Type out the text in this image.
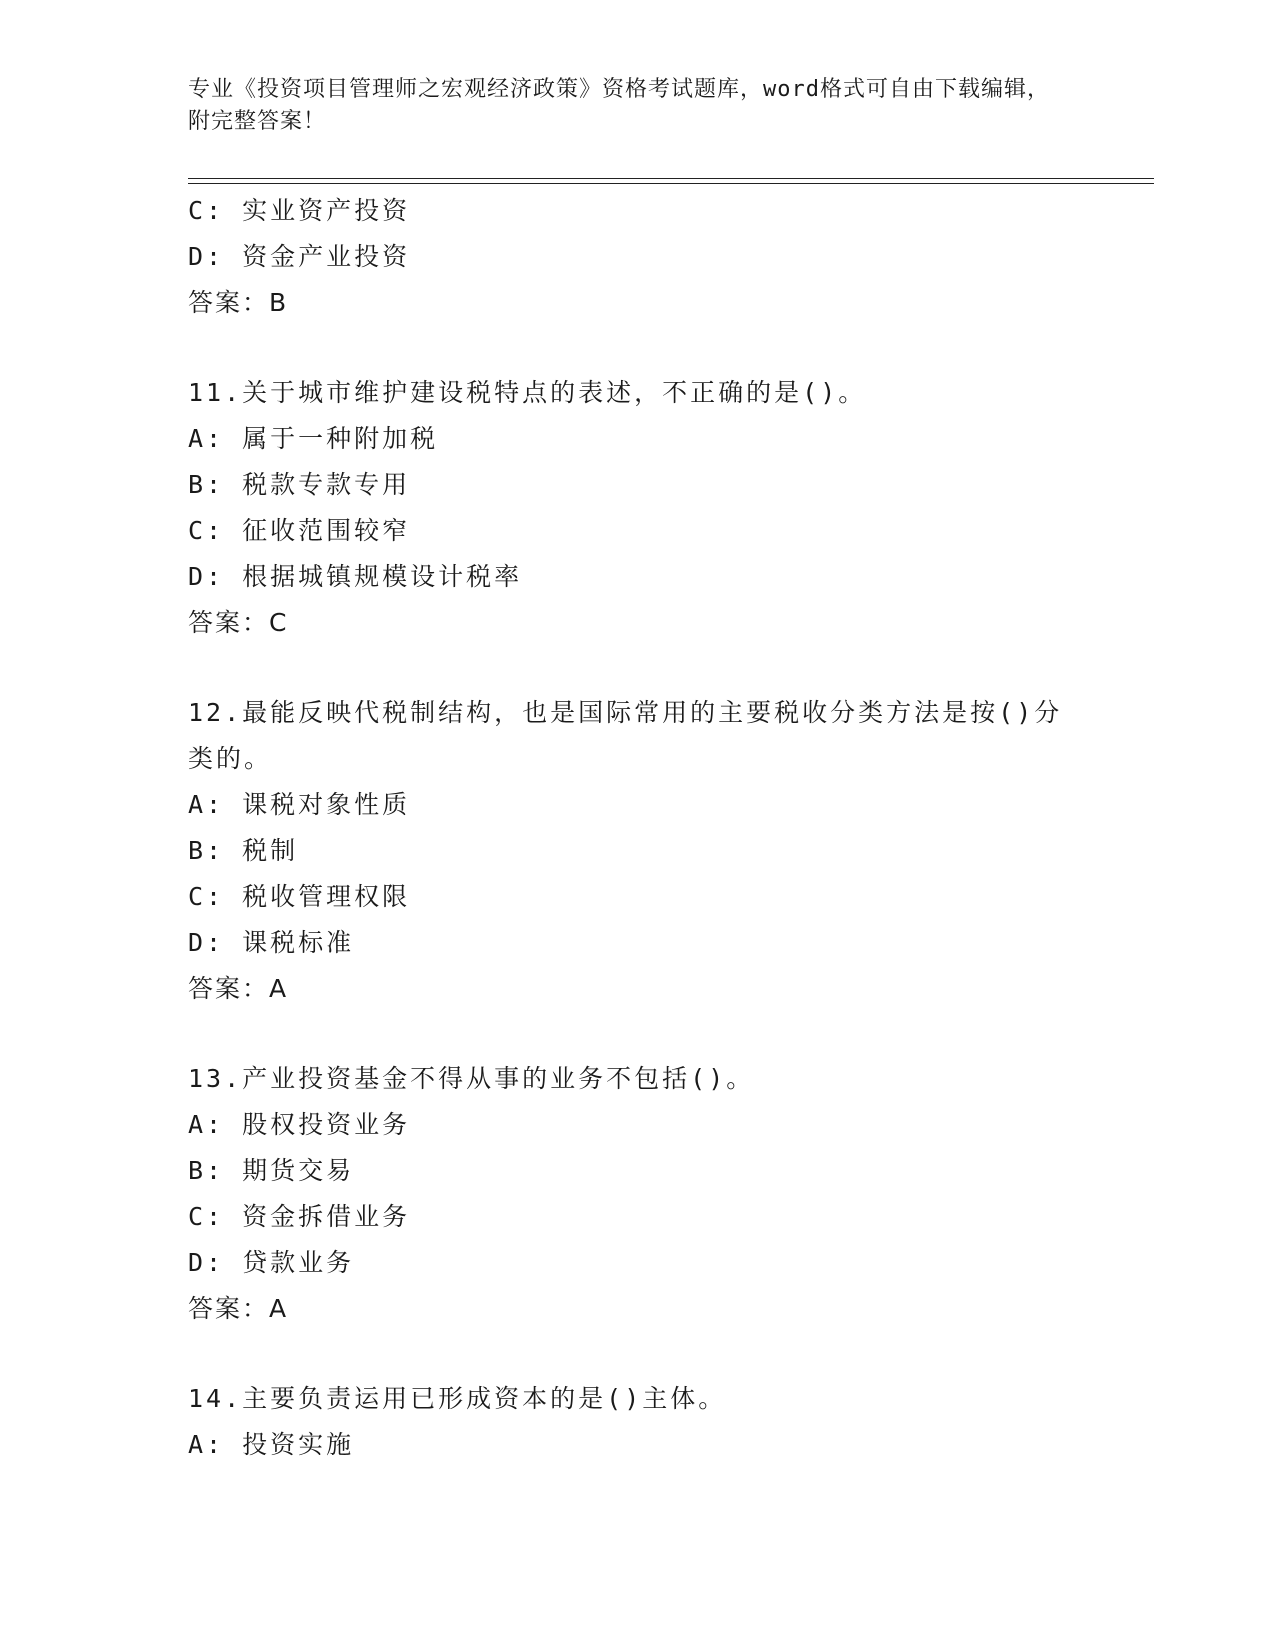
专业《投资项目管理师之宏观经济政策》资格考试题库，word格式可自由下载编辑，附完整答案！
C: 实业资产投资
D: 资金产业投资
答案：B
11.关于城市维护建设税特点的表述，不正确的是()。
A: 属于一种附加税
B: 税款专款专用
C: 征收范围较窄
D: 根据城镇规模设计税率
答案：C
12.最能反映代税制结构，也是国际常用的主要税收分类方法是按()分类的。
A: 课税对象性质
B: 税制
C: 税收管理权限
D: 课税标准
答案：A
13.产业投资基金不得从事的业务不包括()。
A: 股权投资业务
B: 期货交易
C: 资金拆借业务
D: 贷款业务
答案：A
14.主要负责运用已形成资本的是()主体。
A: 投资实施
